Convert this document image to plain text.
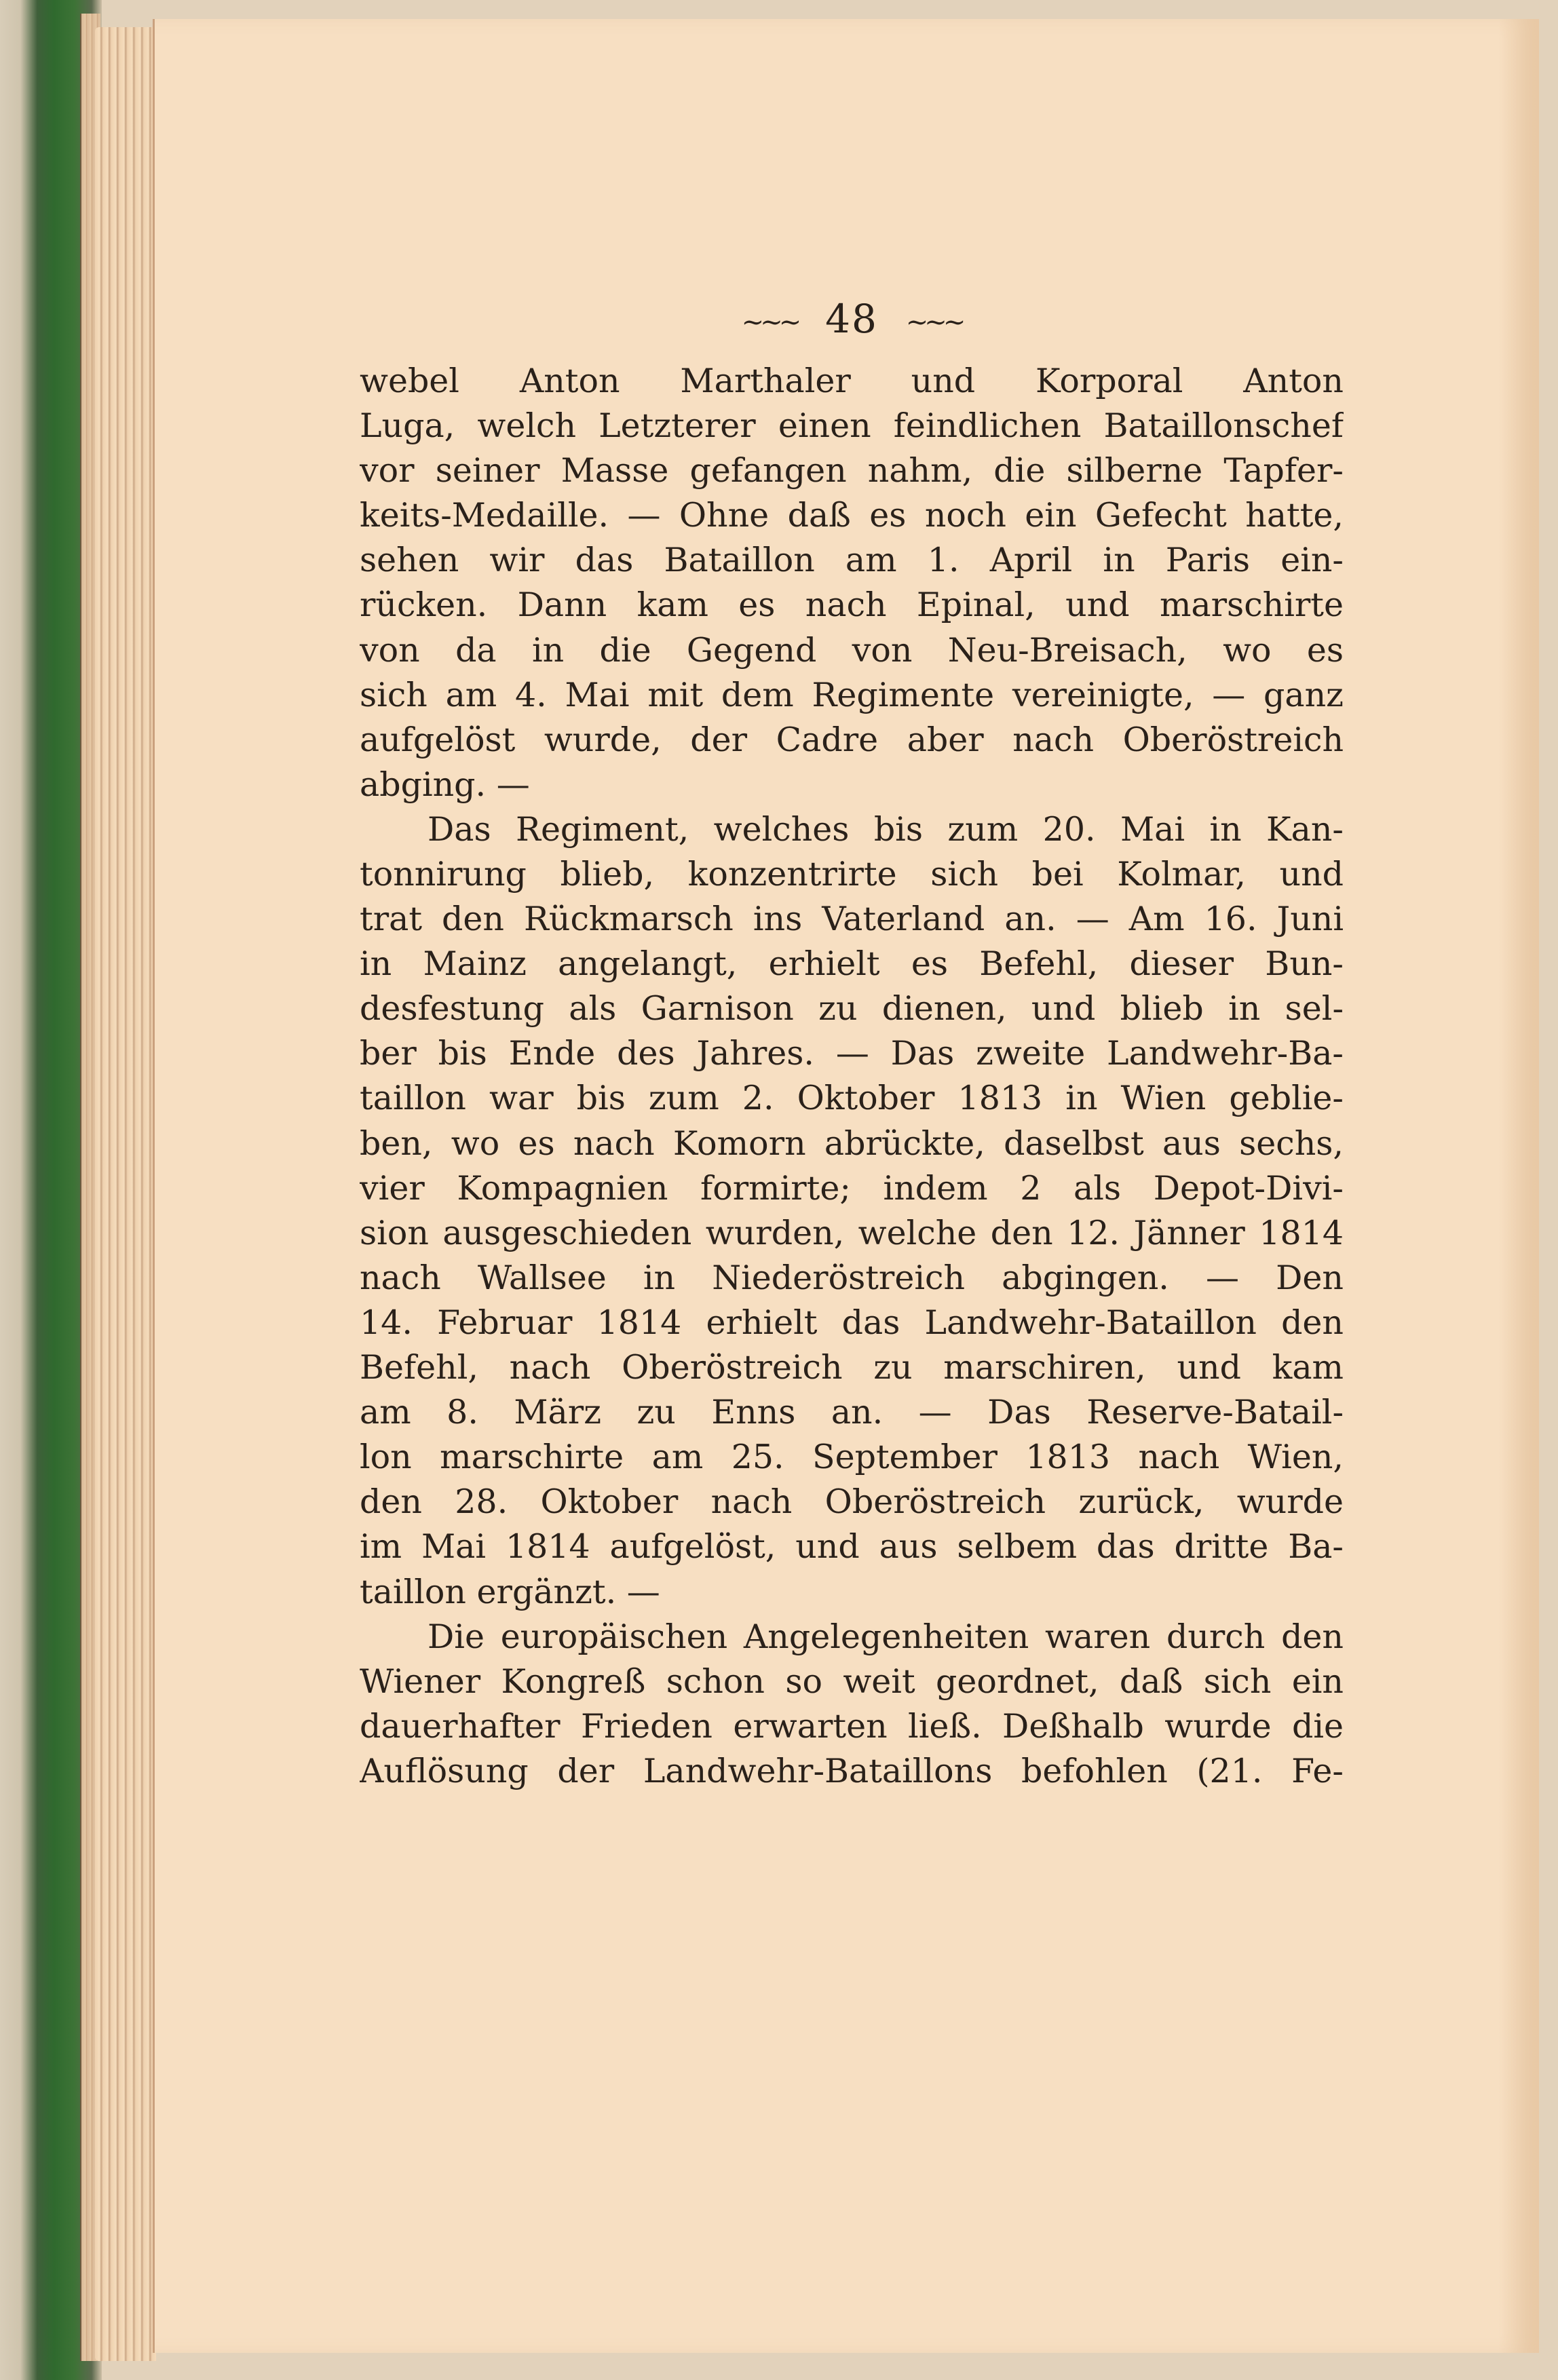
~~~ 48 ~~~
webel Anton Marthaler und Korporal Anton
Luga, welch Letzterer einen feindlichen Bataillonschef
vor seiner Masse gefangen nahm, die silberne Tapfer-
keits-Medaille. — Ohne daß es noch ein Gefecht hatte,
sehen wir das Bataillon am 1. April in Paris ein-
rücken. Dann kam es nach Epinal, und marschirte
von da in die Gegend von Neu-Breisach, wo es
sich am 4. Mai mit dem Regimente vereinigte, — ganz
aufgelöst wurde, der Cadre aber nach Oberöstreich
abging. —
Das Regiment, welches bis zum 20. Mai in Kan-
tonnirung blieb, konzentrirte sich bei Kolmar, und
trat den Rückmarsch ins Vaterland an. — Am 16. Juni
in Mainz angelangt, erhielt es Befehl, dieser Bun-
desfestung als Garnison zu dienen, und blieb in sel-
ber bis Ende des Jahres. — Das zweite Landwehr-Ba-
taillon war bis zum 2. Oktober 1813 in Wien geblie-
ben, wo es nach Komorn abrückte, daselbst aus sechs,
vier Kompagnien formirte; indem 2 als Depot-Divi-
sion ausgeschieden wurden, welche den 12. Jänner 1814
nach Wallsee in Niederöstreich abgingen. — Den
14. Februar 1814 erhielt das Landwehr-Bataillon den
Befehl, nach Oberöstreich zu marschiren, und kam
am 8. März zu Enns an. — Das Reserve-Batail-
lon marschirte am 25. September 1813 nach Wien,
den 28. Oktober nach Oberöstreich zurück, wurde
im Mai 1814 aufgelöst, und aus selbem das dritte Ba-
taillon ergänzt. —
Die europäischen Angelegenheiten waren durch den
Wiener Kongreß schon so weit geordnet, daß sich ein
dauerhafter Frieden erwarten ließ. Deßhalb wurde die
Auflösung der Landwehr-Bataillons befohlen (21. Fe-
